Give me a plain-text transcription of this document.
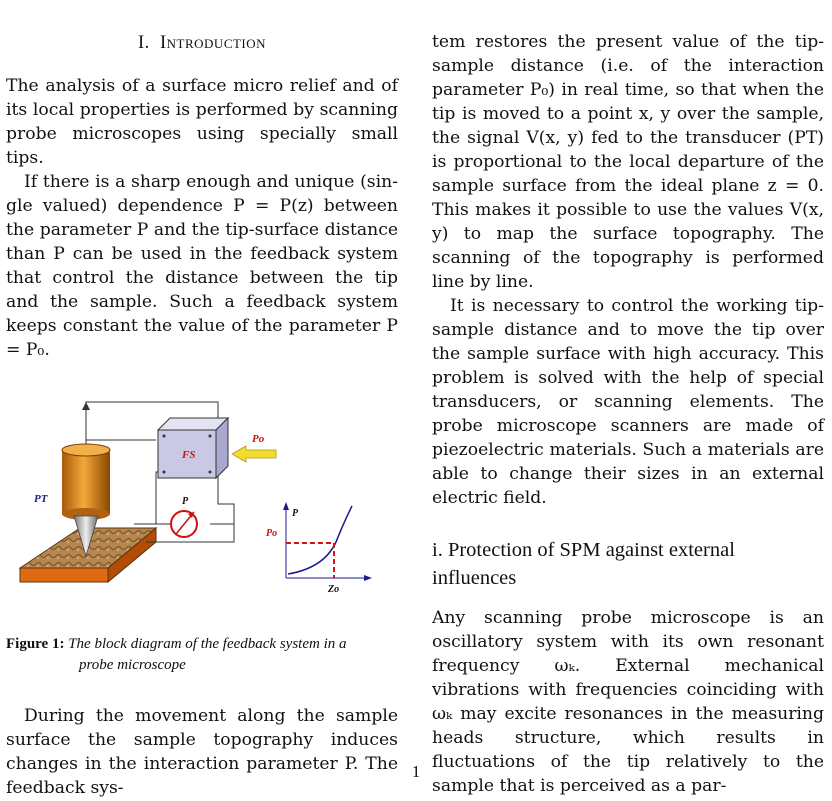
I. Introduction

The analysis of a surface micro relief and of its local properties is performed by scanning probe microscopes using specially small tips.

If there is a sharp enough and unique (single valued) dependence P = P(z) between the parameter P and the tip-surface distance than P can be used in the feedback system that control the distance between the tip and the sample. Such a feedback system keeps constant the value of the parameter P = P₀.

PT
FS
Po
P
P
Po
Zo
Figure 1: The block diagram of the feedback system in a
probe microscope

During the movement along the sample surface the sample topography induces changes in the interaction parameter P. The feedback sys-

tem restores the present value of the tip-sample distance (i.e. of the interaction parameter P₀) in real time, so that when the tip is moved to a point x, y over the sample, the signal V(x, y) fed to the transducer (PT) is proportional to the local departure of the sample surface from the ideal plane z = 0. This makes it possible to use the values V(x, y) to map the surface topography. The scanning of the topography is performed line by line.

It is necessary to control the working tip-sample distance and to move the tip over the sample surface with high accuracy. This problem is solved with the help of special transducers, or scanning elements. The probe microscope scanners are made of piezoelectric materials. Such a materials are able to change their sizes in an external electric field.

i. Protection of SPM against external influences

Any scanning probe microscope is an oscillatory system with its own resonant frequency ωₖ. External mechanical vibrations with frequencies coinciding with ωₖ may excite resonances in the measuring heads structure, which results in fluctuations of the tip relatively to the sample that is perceived as a par-

1
